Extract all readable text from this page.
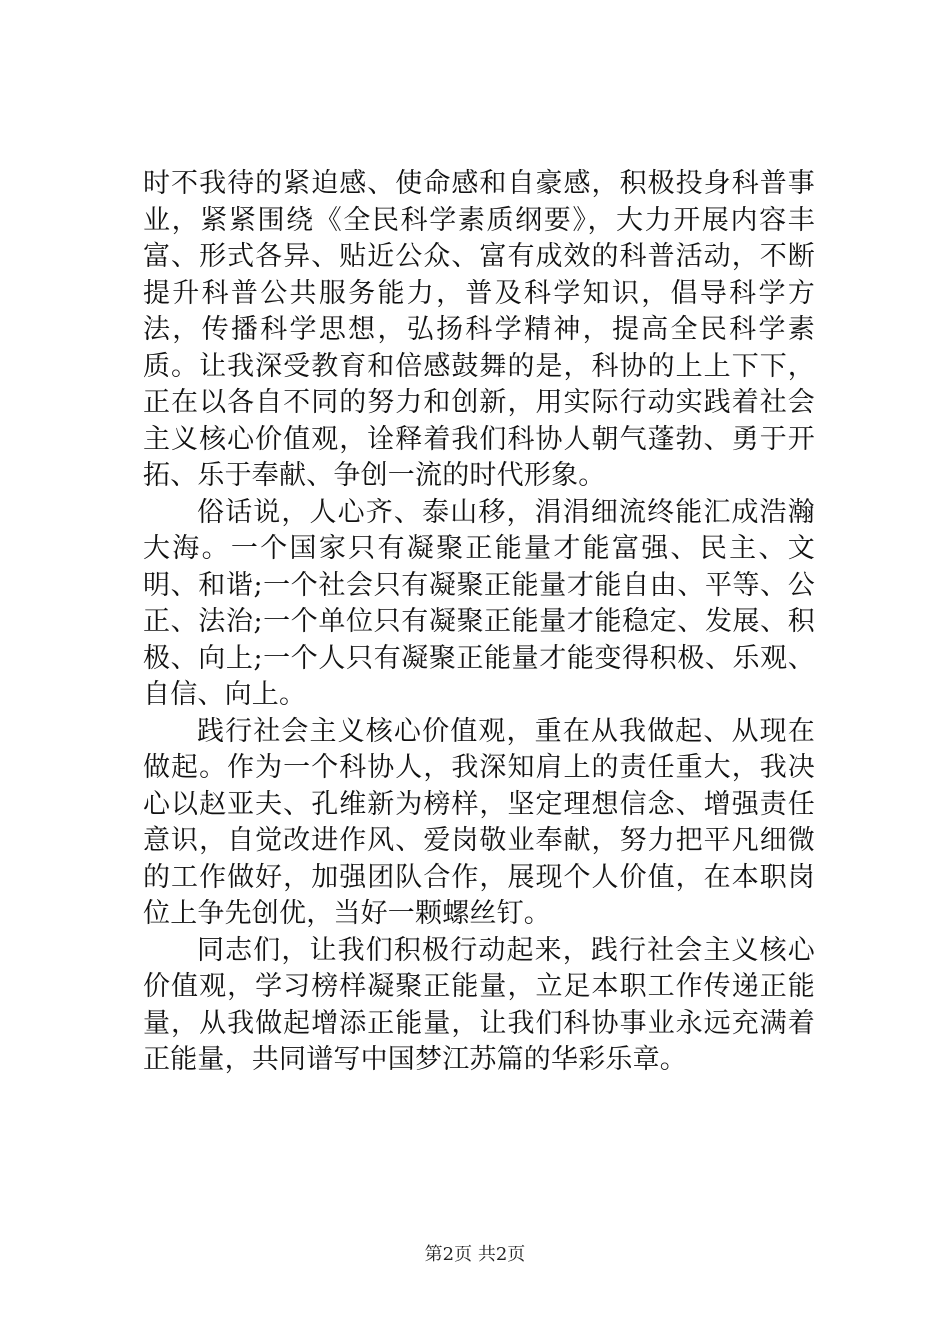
时不我待的紧迫感、使命感和自豪感，积极投身科普事业，紧紧围绕《全民科学素质纲要》，大力开展内容丰富、形式各异、贴近公众、富有成效的科普活动，不断提升科普公共服务能力，普及科学知识，倡导科学方法，传播科学思想，弘扬科学精神，提高全民科学素质。让我深受教育和倍感鼓舞的是，科协的上上下下，正在以各自不同的努力和创新，用实际行动实践着社会主义核心价值观，诠释着我们科协人朝气蓬勃、勇于开拓、乐于奉献、争创一流的时代形象。

俗话说，人心齐、泰山移，涓涓细流终能汇成浩瀚大海。一个国家只有凝聚正能量才能富强、民主、文明、和谐;一个社会只有凝聚正能量才能自由、平等、公正、法治;一个单位只有凝聚正能量才能稳定、发展、积极、向上;一个人只有凝聚正能量才能变得积极、乐观、自信、向上。

践行社会主义核心价值观，重在从我做起、从现在做起。作为一个科协人，我深知肩上的责任重大，我决心以赵亚夫、孔维新为榜样，坚定理想信念、增强责任意识，自觉改进作风、爱岗敬业奉献，努力把平凡细微的工作做好，加强团队合作，展现个人价值，在本职岗位上争先创优，当好一颗螺丝钉。

同志们，让我们积极行动起来，践行社会主义核心价值观，学习榜样凝聚正能量，立足本职工作传递正能量，从我做起增添正能量，让我们科协事业永远充满着正能量，共同谱写中国梦江苏篇的华彩乐章。

第2页 共2页
